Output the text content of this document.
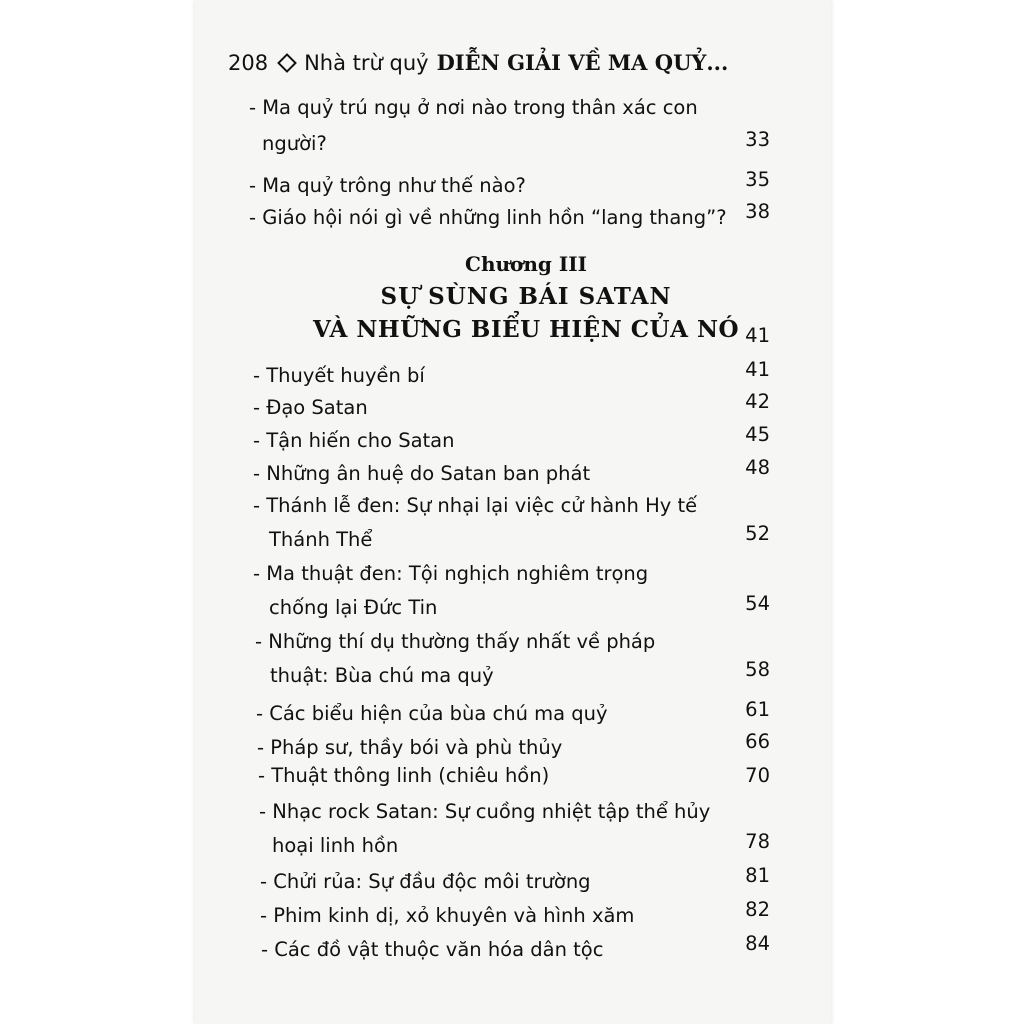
208 Nhà trừ quỷ DIỄN GIẢI VỀ MA QUỶ...
- Ma quỷ trú ngụ ở nơi nào trong thân xác con
người?	33
- Ma quỷ trông như thế nào?	35
- Giáo hội nói gì về những linh hồn “lang thang”? 38
Chương III
SỰ SÙNG BÁI SATAN
VÀ NHỮNG BIỂU HIỆN CỦA NÓ 41
- Thuyết huyền bí	41
- Đạo Satan	42
- Tận hiến cho Satan	45
- Những ân huệ do Satan ban phát	48
- Thánh lễ đen: Sự nhại lại việc cử hành Hy tế
Thánh Thể	52
- Ma thuật đen: Tội nghịch nghiêm trọng
chống lại Đức Tin	54
- Những thí dụ thường thấy nhất về pháp
thuật: Bùa chú ma quỷ	58
- Các biểu hiện của bùa chú ma quỷ	61
- Pháp sư, thầy bói và phù thủy	66
- Thuật thông linh (chiêu hồn)	70
- Nhạc rock Satan: Sự cuồng nhiệt tập thể hủy
hoại linh hồn	78
- Chửi rủa: Sự đầu độc môi trường	81
- Phim kinh dị, xỏ khuyên và hình xăm	82
- Các đồ vật thuộc văn hóa dân tộc	84
